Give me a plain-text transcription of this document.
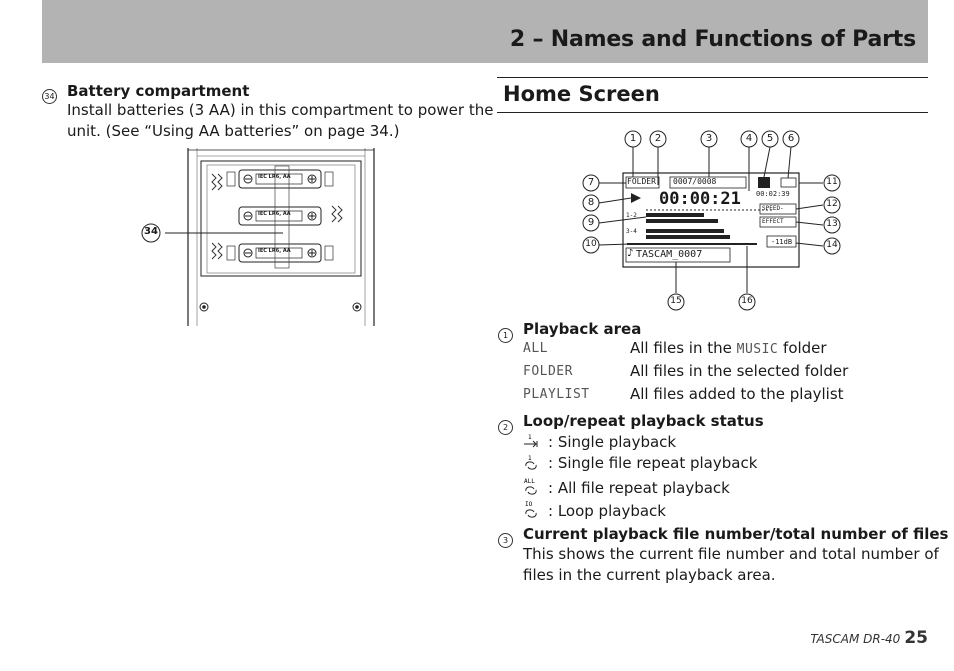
2 – Names and Functions of Parts
34 Battery compartment
Install batteries (3 AA) in this compartment to power the
unit. (See “Using AA batteries” on page 34.)
34
IEC LR6, AA
IEC LR6, AA
IEC LR6, AA
Home Screen
FOLDER 0007/0008
00:00:21 00:02:39
SPEED-
EFFECT
-11dB
1-2
3-4
TASCAM_0007
♪
1 2	3	4 5 6
7
8
9
10
11
12
13
14
15	16
1 Playback area
ALL	All files in the MUSIC folder
FOLDER	All files in the selected folder
PLAYLIST	All files added to the playlist
2 Loop/repeat playback status
1 : Single playback
1 : Single file repeat playback
ALL : All file repeat playback
IO : Loop playback
3 Current playback file number/total number of files
This shows the current file number and total number of
files in the current playback area.
TASCAM DR-40 25
